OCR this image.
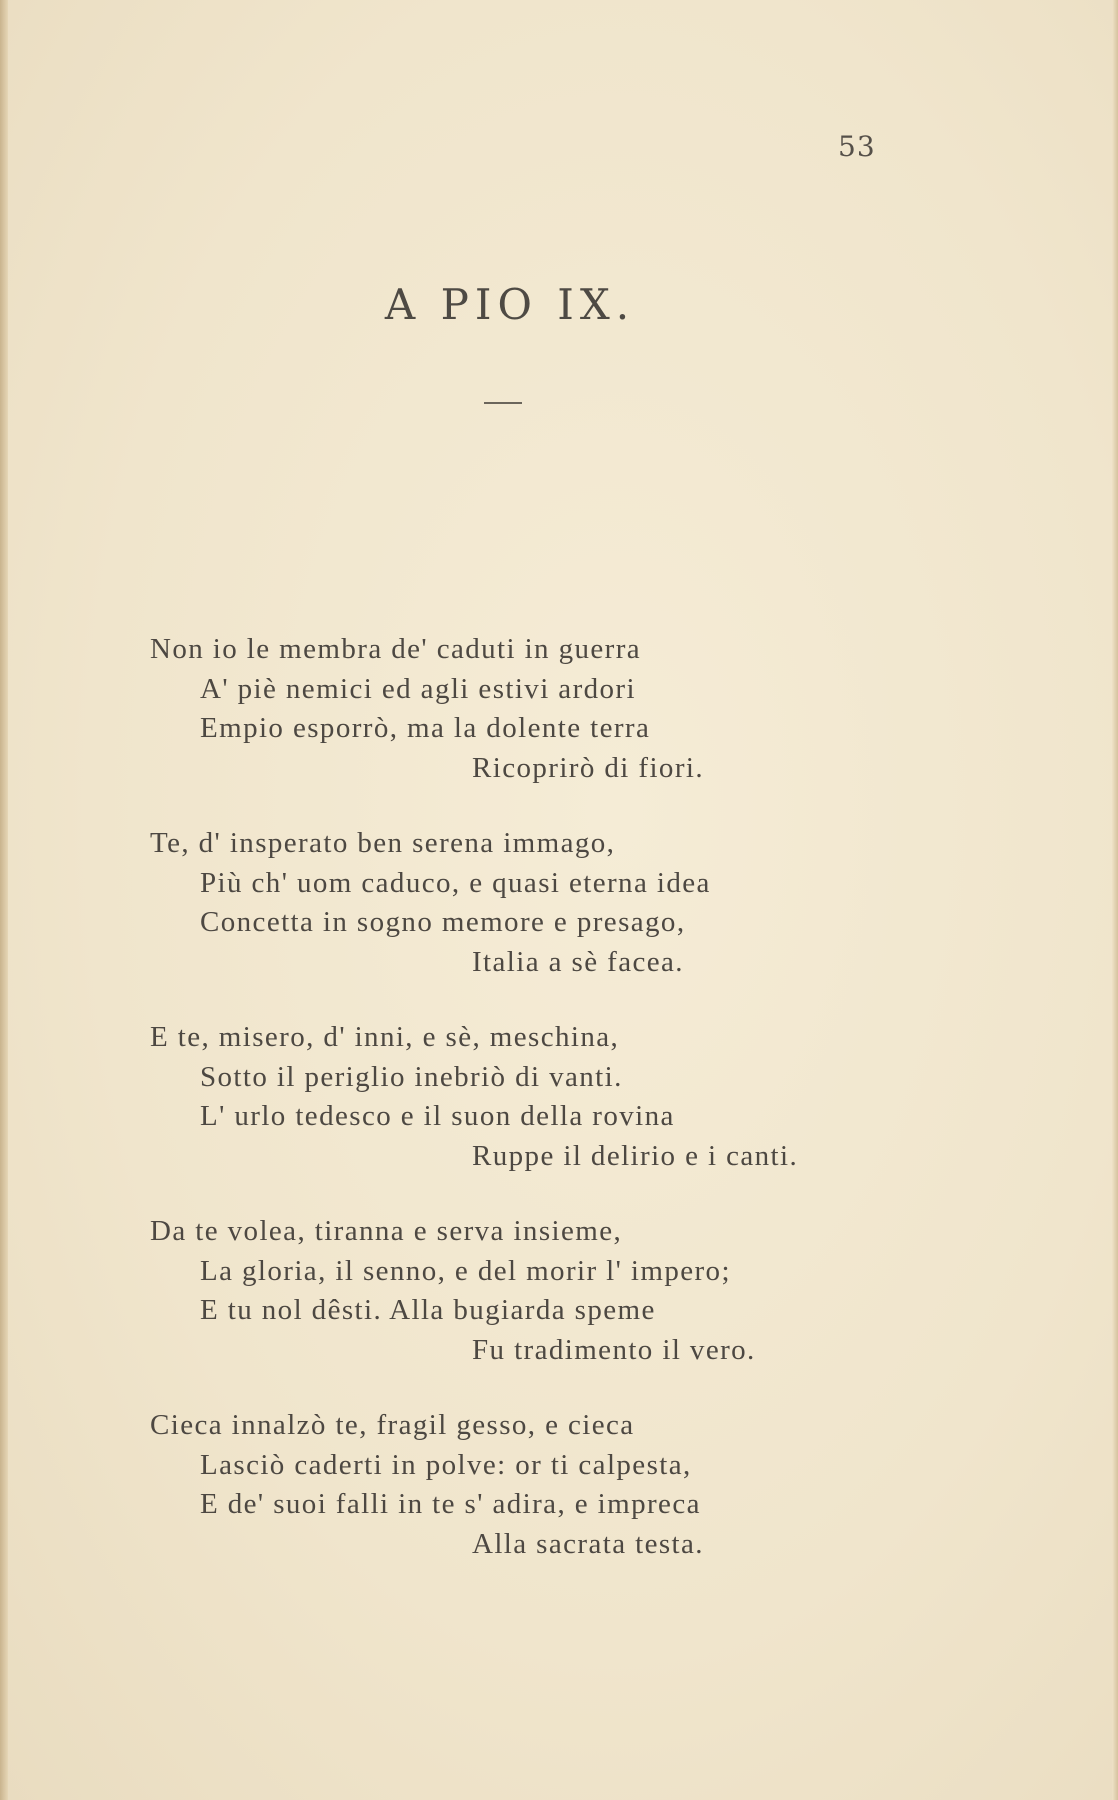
53
A PIO IX.
Non io le membra de' caduti in guerra
A' piè nemici ed agli estivi ardori
Empio esporrò, ma la dolente terra
Ricoprirò di fiori.
Te, d' insperato ben serena immago,
Più ch' uom caduco, e quasi eterna idea
Concetta in sogno memore e presago,
Italia a sè facea.
E te, misero, d' inni, e sè, meschina,
Sotto il periglio inebriò di vanti.
L' urlo tedesco e il suon della rovina
Ruppe il delirio e i canti.
Da te volea, tiranna e serva insieme,
La gloria, il senno, e del morir l' impero;
E tu nol dêsti. Alla bugiarda speme
Fu tradimento il vero.
Cieca innalzò te, fragil gesso, e cieca
Lasciò caderti in polve: or ti calpesta,
E de' suoi falli in te s' adira, e impreca
Alla sacrata testa.
